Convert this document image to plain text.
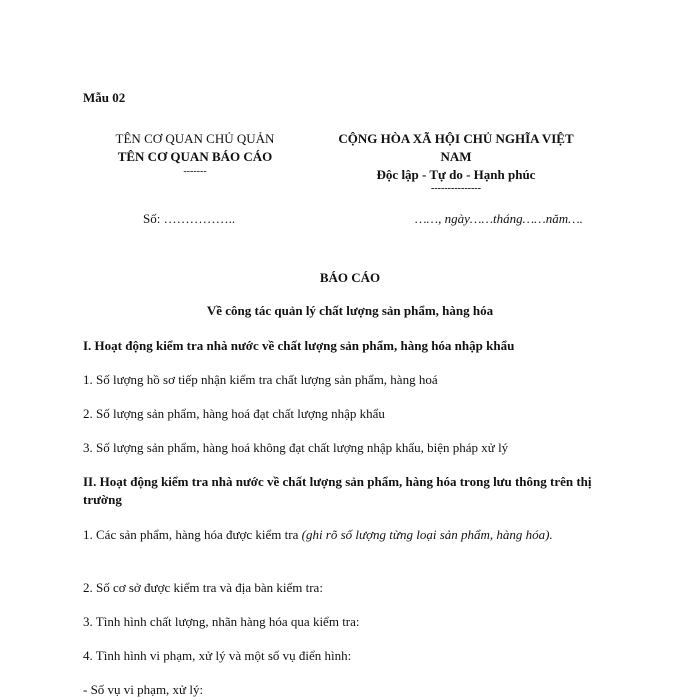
Mẫu 02
TÊN CƠ QUAN CHỦ QUẢN
TÊN CƠ QUAN BÁO CÁO
-------
CỘNG HÒA XÃ HỘI CHỦ NGHĨA VIỆT
NAM
Độc lập - Tự do - Hạnh phúc
---------------
Số: ……………..	……, ngày……tháng……năm….
BÁO CÁO
Về công tác quản lý chất lượng sản phẩm, hàng hóa
I. Hoạt động kiểm tra nhà nước về chất lượng sản phẩm, hàng hóa nhập khẩu
1. Số lượng hồ sơ tiếp nhận kiểm tra chất lượng sản phẩm, hàng hoá
2. Số lượng sản phẩm, hàng hoá đạt chất lượng nhập khẩu
3. Số lượng sản phẩm, hàng hoá không đạt chất lượng nhập khẩu, biện pháp xử lý
II. Hoạt động kiểm tra nhà nước về chất lượng sản phẩm, hàng hóa trong lưu thông trên thị trường
1. Các sản phẩm, hàng hóa được kiểm tra (ghi rõ số lượng từng loại sản phẩm, hàng hóa).
2. Số cơ sở được kiểm tra và địa bàn kiểm tra:
3. Tình hình chất lượng, nhãn hàng hóa qua kiểm tra:
4. Tình hình vi phạm, xử lý và một số vụ điển hình:
- Số vụ vi phạm, xử lý:
